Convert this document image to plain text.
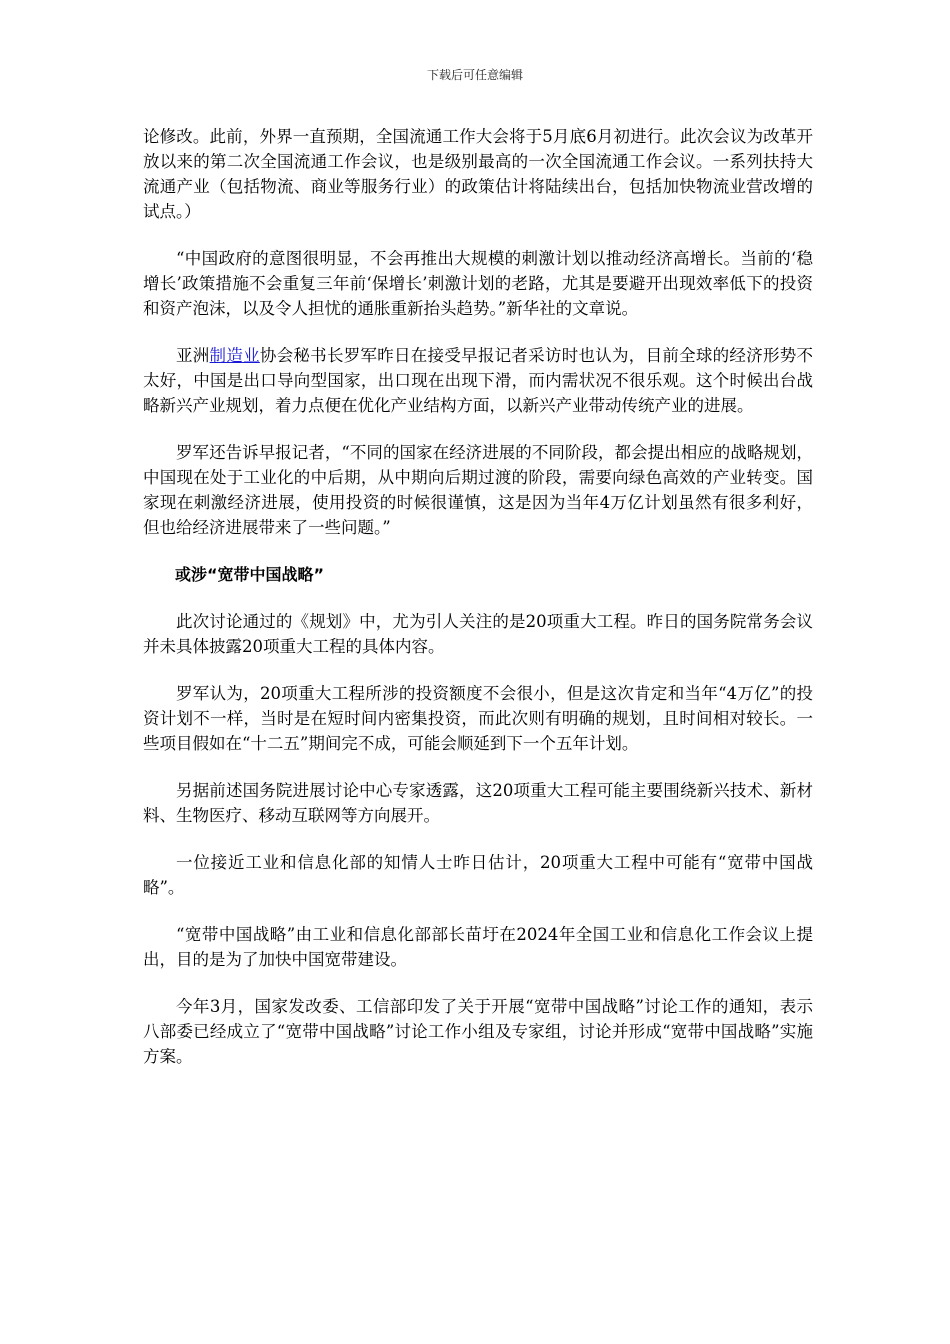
下载后可任意编辑

论修改。此前，外界一直预期，全国流通工作大会将于5月底6月初进行。此次会议为改革开放以来的第二次全国流通工作会议，也是级别最高的一次全国流通工作会议。一系列扶持大流通产业（包括物流、商业等服务行业）的政策估计将陆续出台，包括加快物流业营改增的试点。）

“中国政府的意图很明显，不会再推出大规模的刺激计划以推动经济高增长。当前的‘稳增长’政策措施不会重复三年前‘保增长’刺激计划的老路，尤其是要避开出现效率低下的投资和资产泡沫，以及令人担忧的通胀重新抬头趋势。”新华社的文章说。

亚洲制造业协会秘书长罗军昨日在接受早报记者采访时也认为，目前全球的经济形势不太好，中国是出口导向型国家，出口现在出现下滑，而内需状况不很乐观。这个时候出台战略新兴产业规划，着力点便在优化产业结构方面，以新兴产业带动传统产业的进展。

罗军还告诉早报记者，“不同的国家在经济进展的不同阶段，都会提出相应的战略规划，中国现在处于工业化的中后期，从中期向后期过渡的阶段，需要向绿色高效的产业转变。国家现在刺激经济进展，使用投资的时候很谨慎，这是因为当年4万亿计划虽然有很多利好，但也给经济进展带来了一些问题。”

或涉“宽带中国战略”

此次讨论通过的《规划》中，尤为引人关注的是20项重大工程。昨日的国务院常务会议并未具体披露20项重大工程的具体内容。

罗军认为，20项重大工程所涉的投资额度不会很小，但是这次肯定和当年“4万亿”的投资计划不一样，当时是在短时间内密集投资，而此次则有明确的规划，且时间相对较长。一些项目假如在“十二五”期间完不成，可能会顺延到下一个五年计划。

另据前述国务院进展讨论中心专家透露，这20项重大工程可能主要围绕新兴技术、新材料、生物医疗、移动互联网等方向展开。

一位接近工业和信息化部的知情人士昨日估计，20项重大工程中可能有“宽带中国战略”。

“宽带中国战略”由工业和信息化部部长苗圩在2024年全国工业和信息化工作会议上提出，目的是为了加快中国宽带建设。

今年3月，国家发改委、工信部印发了关于开展“宽带中国战略”讨论工作的通知，表示八部委已经成立了“宽带中国战略”讨论工作小组及专家组，讨论并形成“宽带中国战略”实施方案。
